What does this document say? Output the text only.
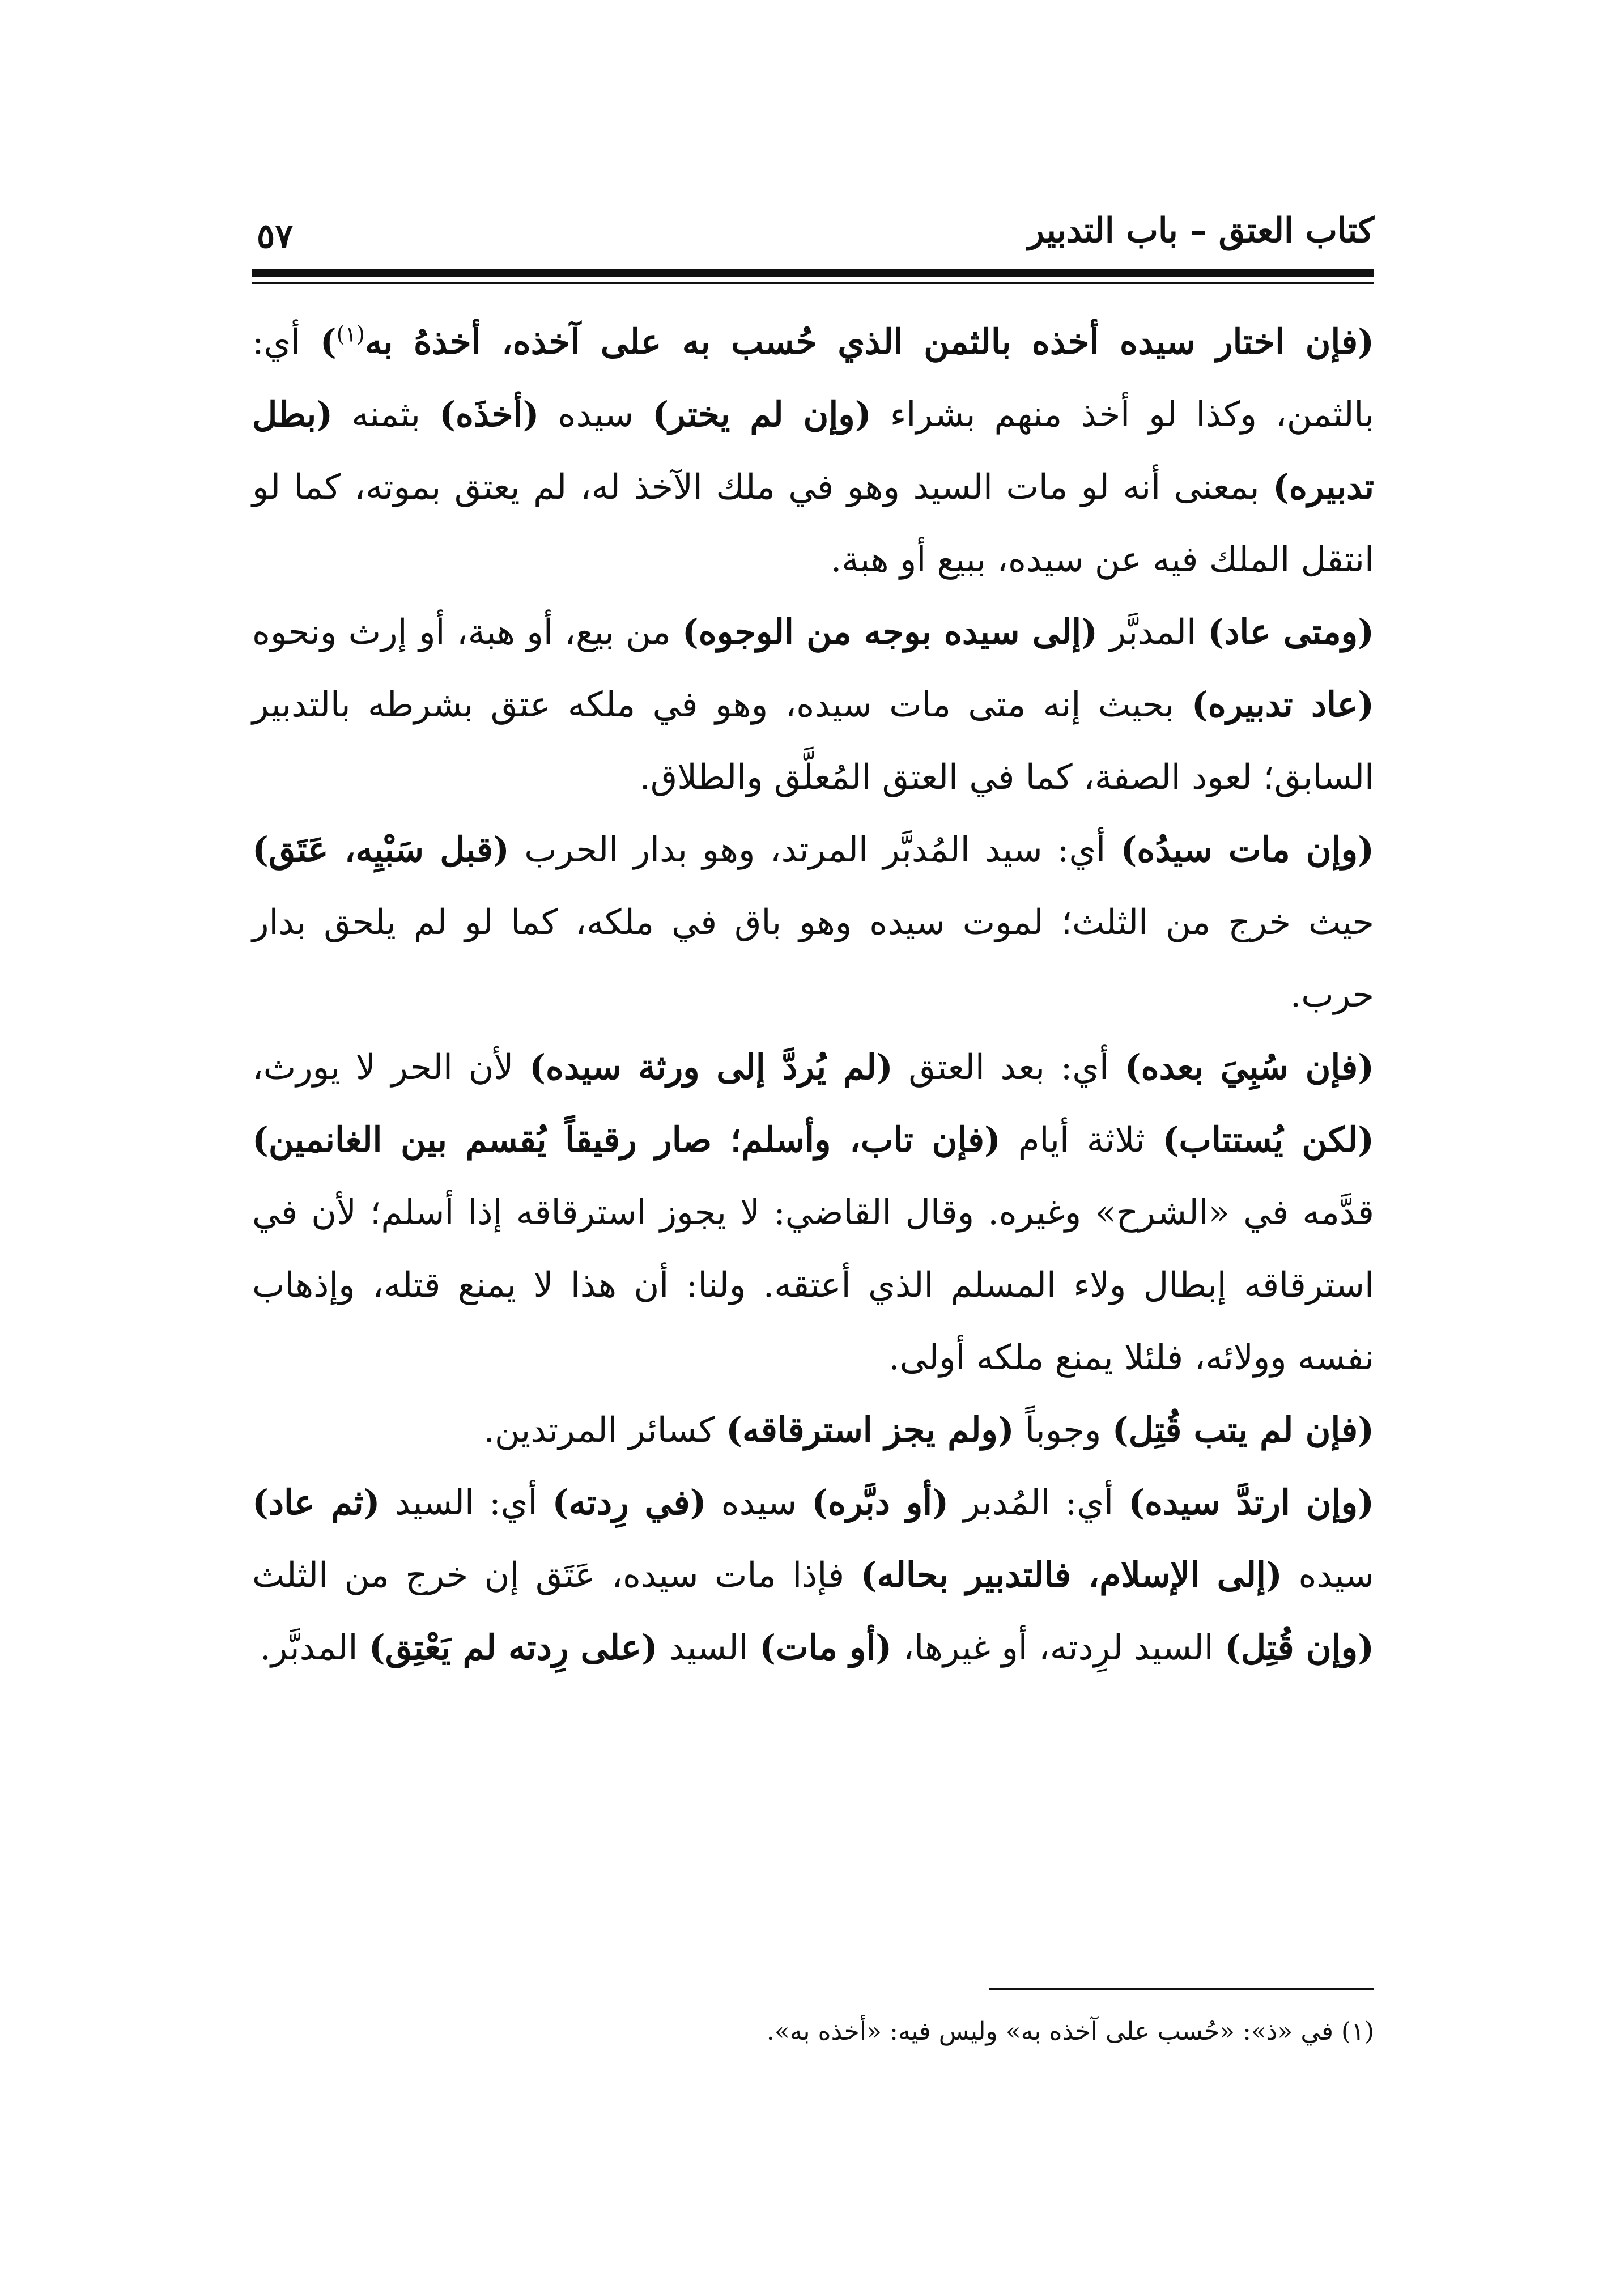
كتاب العتق – باب التدبير
٥٧

(فإن اختار سيده أخذه بالثمن الذي حُسب به على آخذه، أخذهُ به$^{(١)}$) أي: بالثمن، وكذا لو أخذ منهم بشراء (وإن لم يختر) سيده (أخذَه) بثمنه (بطل تدبيره) بمعنى أنه لو مات السيد وهو في ملك الآخذ له، لم يعتق بموته، كما لو انتقل الملك فيه عن سيده، ببيع أو هبة.

(ومتى عاد) المدبَّر (إلى سيده بوجه من الوجوه) من بيع، أو هبة، أو إرث ونحوه (عاد تدبيره) بحيث إنه متى مات سيده، وهو في ملكه عتق بشرطه بالتدبير السابق؛ لعود الصفة، كما في العتق المُعلَّق والطلاق.

(وإن مات سيدُه) أي: سيد المُدبَّر المرتد، وهو بدار الحرب (قبل سَبْيِه، عَتَق) حيث خرج من الثلث؛ لموت سيده وهو باق في ملكه، كما لو لم يلحق بدار حرب.

(فإن سُبِيَ بعده) أي: بعد العتق (لم يُردَّ إلى ورثة سيده) لأن الحر لا يورث، (لكن يُستتاب) ثلاثة أيام (فإن تاب، وأسلم؛ صار رقيقاً يُقسم بين الغانمين) قدَّمه في «الشرح» وغيره. وقال القاضي: لا يجوز استرقاقه إذا أسلم؛ لأن في استرقاقه إبطال ولاء المسلم الذي أعتقه. ولنا: أن هذا لا يمنع قتله، وإذهاب نفسه وولائه، فلئلا يمنع ملكه أولى.

(فإن لم يتب قُتِل) وجوباً (ولم يجز استرقاقه) كسائر المرتدين.

(وإن ارتدَّ سيده) أي: المُدبر (أو دبَّره) سيده (في رِدته) أي: السيد (ثم عاد) سيده (إلى الإسلام، فالتدبير بحاله) فإذا مات سيده، عَتَق إن خرج من الثلث (وإن قُتِل) السيد لرِدته، أو غيرها، (أو مات) السيد (على رِدته لم يَعْتِق) المدبَّر.

(١) في «ذ»: «حُسب على آخذه به» وليس فيه: «أخذه به».
